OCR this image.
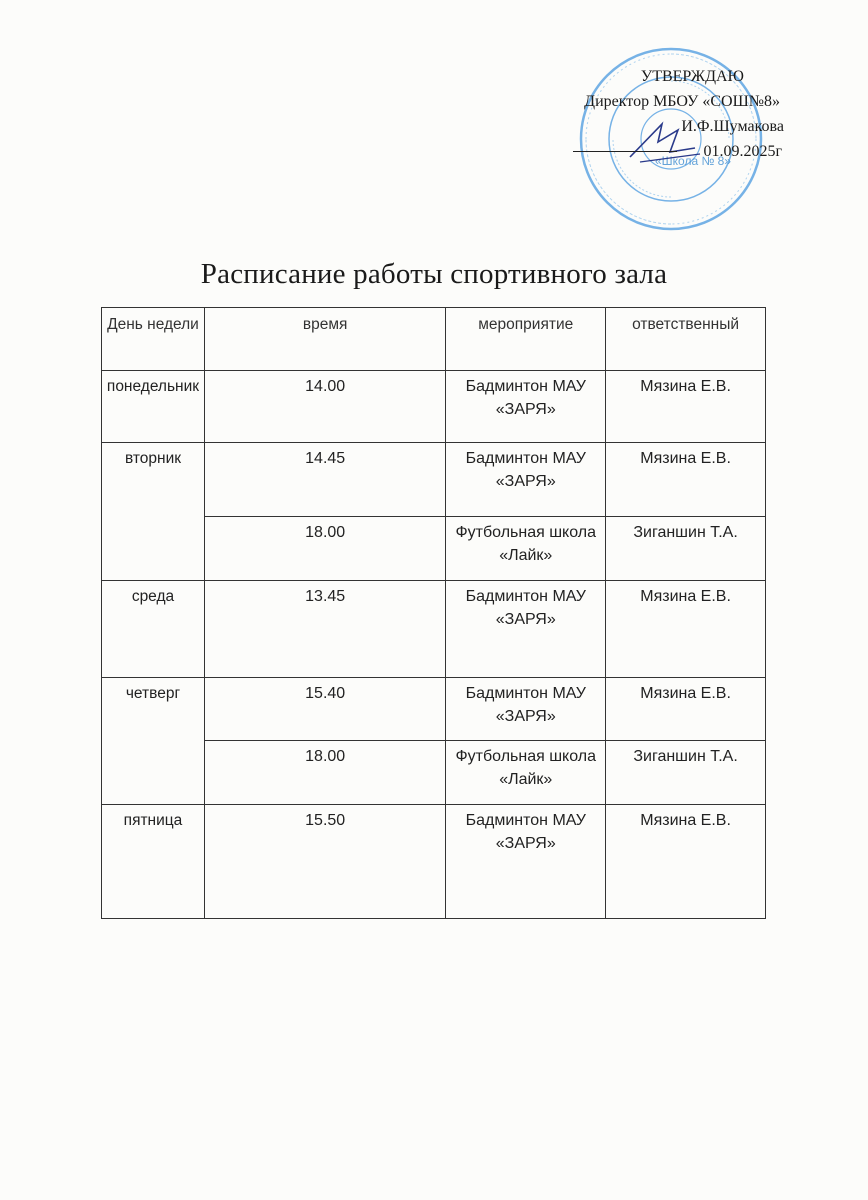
«Школа № 8»
УТВЕРЖДАЮ
Директор МБОУ «СОШ№8»
И.Ф.Шумакова
01.09.2025г
Расписание работы спортивного зала
День недели	время	мероприятие	ответственный
понедельник	14.00	Бадминтон МАУ «ЗАРЯ»	Мязина Е.В.
вторник	14.45	Бадминтон МАУ «ЗАРЯ»	Мязина Е.В.
	18.00	Футбольная школа «Лайк»	Зиганшин Т.А.
среда	13.45	Бадминтон МАУ «ЗАРЯ»	Мязина Е.В.
четверг	15.40	Бадминтон МАУ «ЗАРЯ»	Мязина Е.В.
	18.00	Футбольная школа «Лайк»	Зиганшин Т.А.
пятница	15.50	Бадминтон МАУ «ЗАРЯ»	Мязина Е.В.
